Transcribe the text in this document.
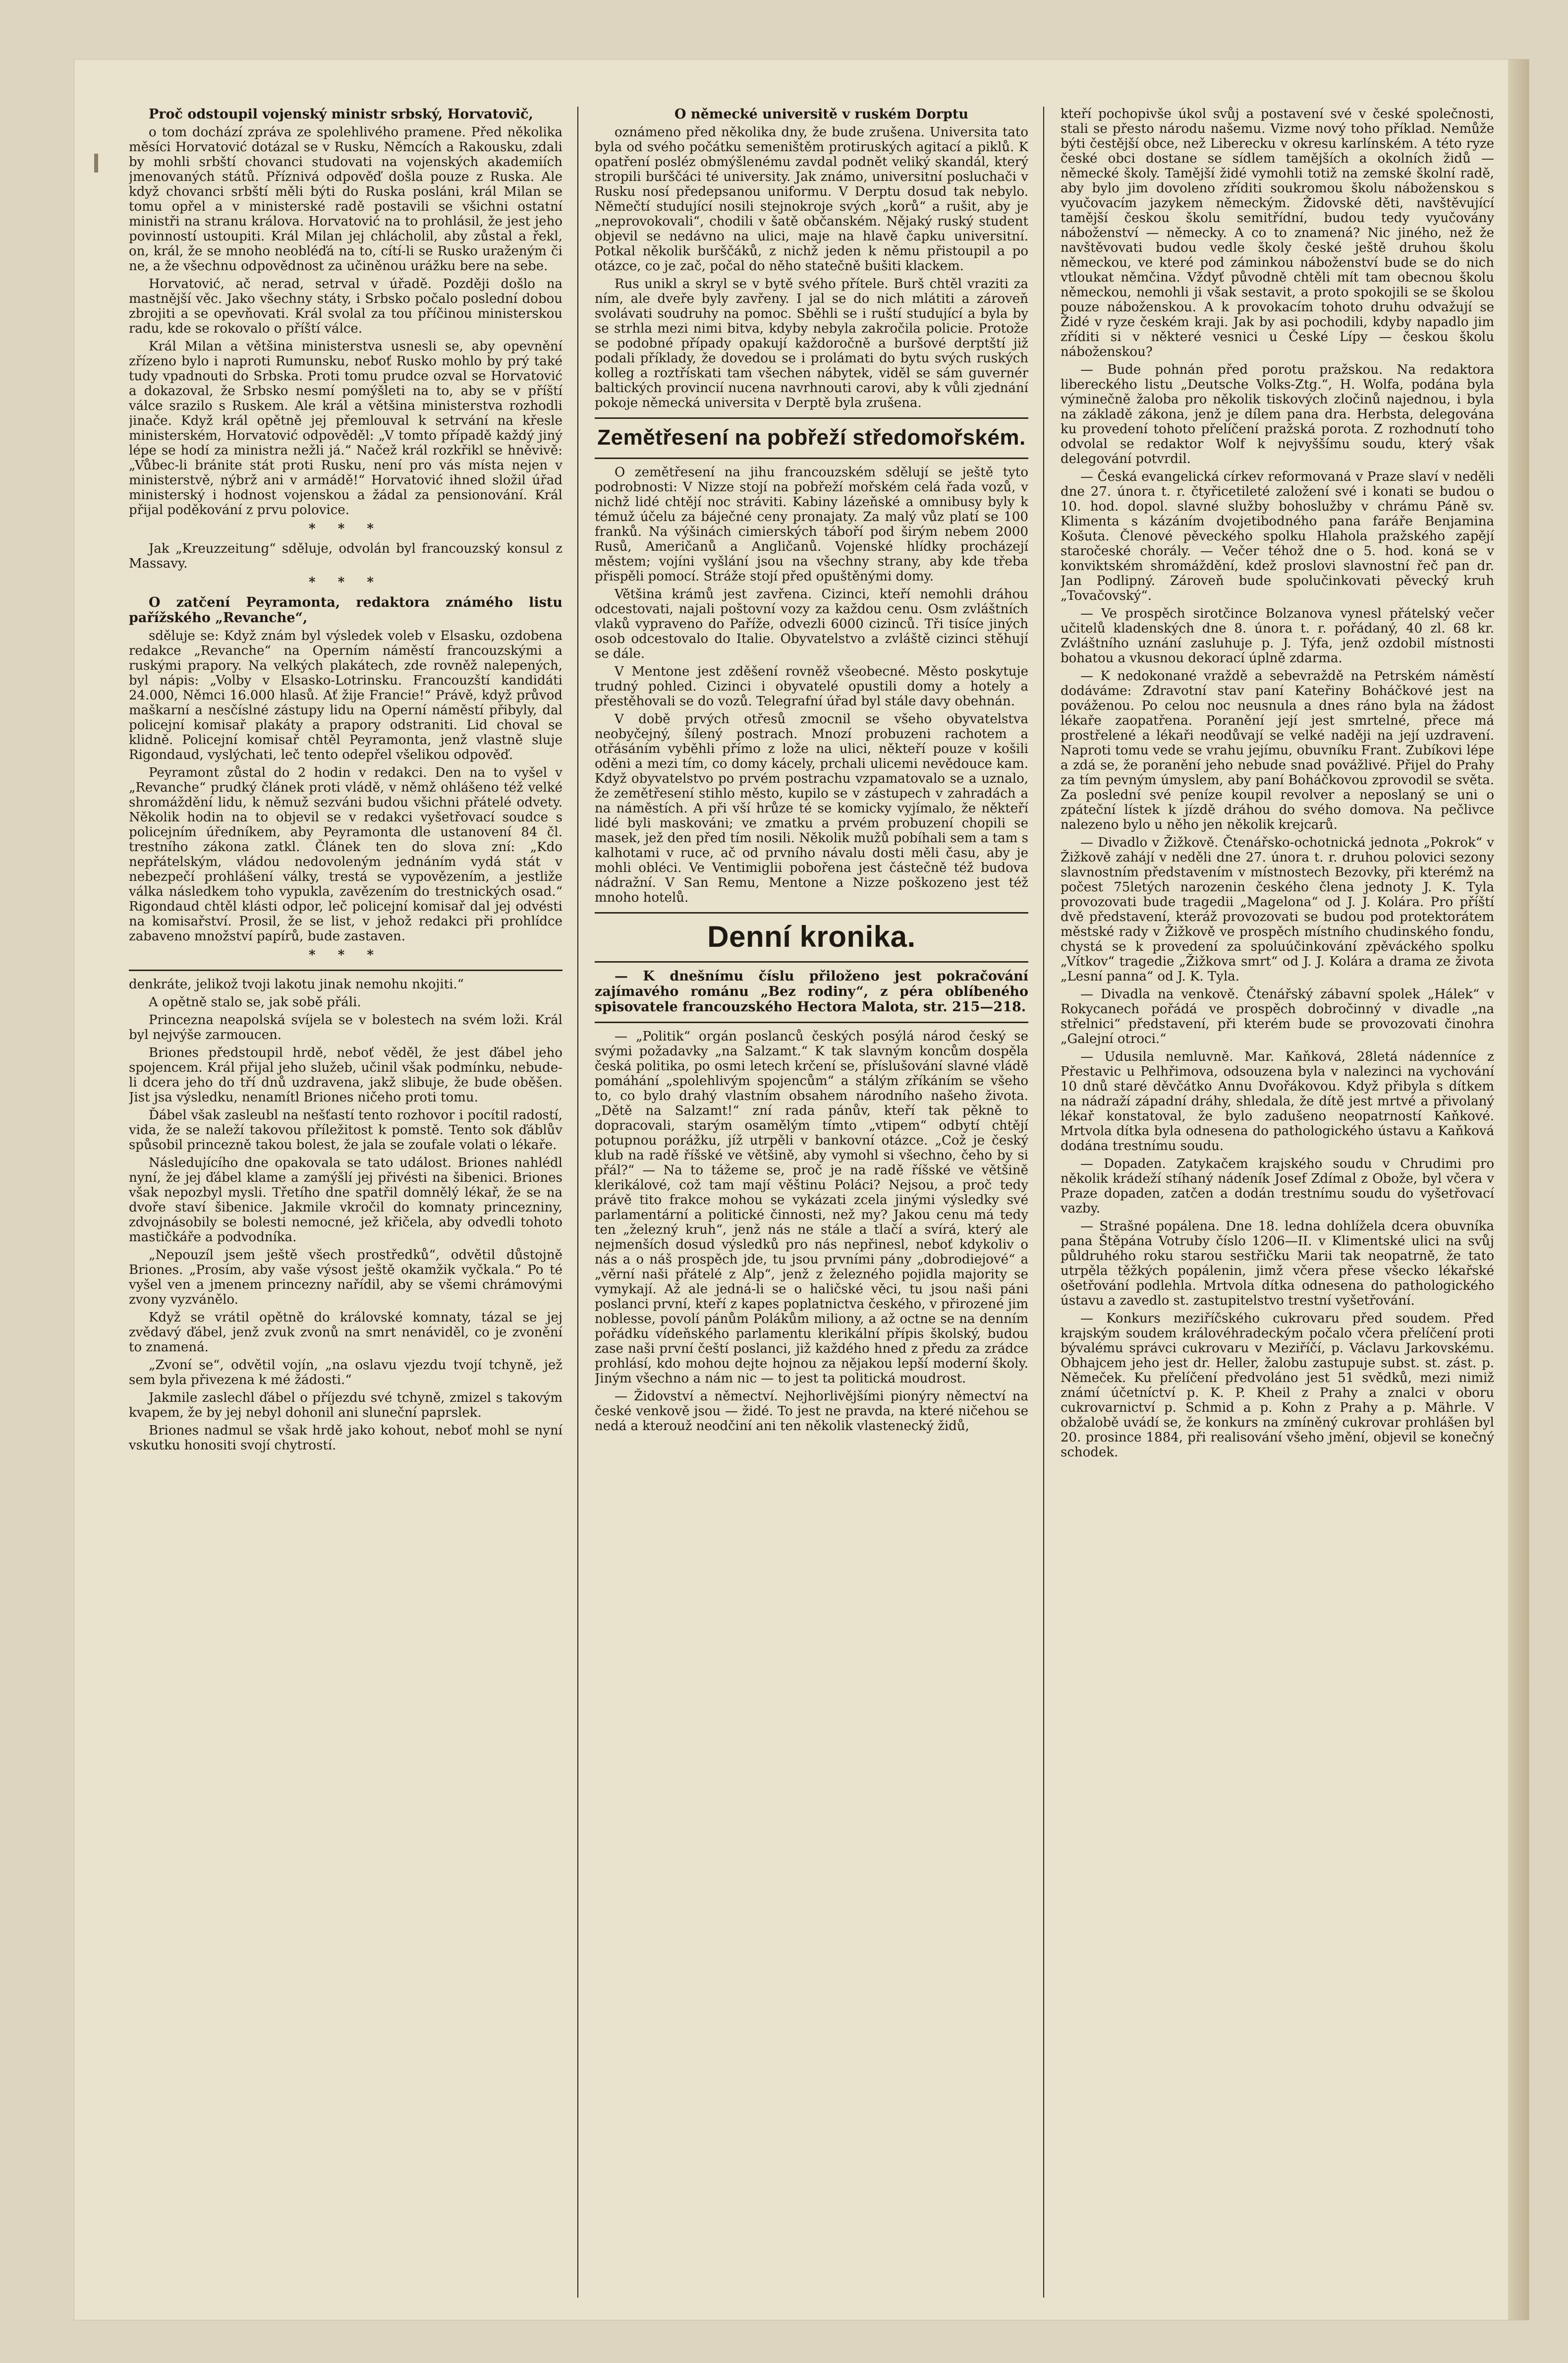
Proč odstoupil vojenský ministr srbský, Horvatovič,

o tom dochází zpráva ze spolehlivého pramene. Před několika měsíci Horvatović dotázal se v Rusku, Němcích a Rakousku, zdali by mohli srbští chovanci studovati na vojenských akademiích jmenovaných států. Příznivá odpověď došla pouze z Ruska. Ale když chovanci srbští měli býti do Ruska posláni, král Milan se tomu opřel a v ministerské radě postavili se všichni ostatní ministři na stranu králova. Horvatović na to prohlásil, že jest jeho povinností ustoupiti. Král Milan jej chlácholil, aby zůstal a řekl, on, král, že se mnoho neobléďá na to, cítí-li se Rusko uraženým či ne, a že všechnu odpovědnost za učiněnou urážku bere na sebe.

Horvatović, ač nerad, setrval v úřadě. Později došlo na mastnější věc. Jako všechny státy, i Srbsko počalo poslední dobou zbrojiti a se opevňovati. Král svolal za tou příčinou ministerskou radu, kde se rokovalo o příští válce.

Král Milan a většina ministerstva usnesli se, aby opevnění zřízeno bylo i naproti Rumunsku, neboť Rusko mohlo by prý také tudy vpadnouti do Srbska. Proti tomu prudce ozval se Horvatović a dokazoval, že Srbsko nesmí pomýšleti na to, aby se v příští válce srazilo s Ruskem. Ale král a většina ministerstva rozhodli jinače. Když král opětně jej přemlouval k setrvání na křesle ministerském, Horvatović odpověděl: „V tomto případě každý jiný lépe se hodí za ministra nežli já.“ Načež král rozkřikl se hněvivě: „Vůbec-li bránite stát proti Rusku, není pro vás místa nejen v ministerstvě, nýbrž ani v armádě!“ Horvatović ihned složil úřad ministerský i hodnost vojenskou a žádal za pensionování. Král přijal poděkování z prvu polovice.

* * *

Jak „Kreuzzeitung“ sděluje, odvolán byl francouzský konsul z Massavy.

* * *

O zatčení Peyramonta, redaktora známého listu pařížského „Revanche“,

sděluje se: Když znám byl výsledek voleb v Elsasku, ozdobena redakce „Revanche“ na Operním náměstí francouzskými a ruskými prapory. Na velkých plakátech, zde rovněž nalepených, byl nápis: „Volby v Elsasko-Lotrinsku. Francouzští kandidáti 24.000, Němci 16.000 hlasů. Ať žije Francie!“ Právě, když průvod maškarní a nesčíslné zástupy lidu na Operní náměstí přibyly, dal policejní komisař plakáty a prapory odstraniti. Lid choval se klidně. Policejní komisař chtěl Peyramonta, jenž vlastně sluje Rigondaud, vyslýchati, leč tento odepřel všelikou odpověď.

Peyramont zůstal do 2 hodin v redakci. Den na to vyšel v „Revanche“ prudký článek proti vládě, v němž ohlášeno též velké shromáždění lidu, k němuž sezváni budou všichni přátelé odvety. Několik hodin na to objevil se v redakci vyšetřovací soudce s policejním úředníkem, aby Peyramonta dle ustanovení 84 čl. trestního zákona zatkl. Článek ten do slova zní: „Kdo nepřátelským, vládou nedovoleným jednáním vydá stát v nebezpečí prohlášení války, trestá se vypovězením, a jestliže válka následkem toho vypukla, zavězením do trestnických osad.“ Rigondaud chtěl klásti odpor, leč policejní komisař dal jej odvésti na komisařství. Prosil, že se list, v jehož redakci při prohlídce zabaveno množství papírů, bude zastaven.

* * *

denkráte, jelikož tvoji lakotu jinak nemohu nkojiti.“

A opětně stalo se, jak sobě přáli.

Princezna neapolská svíjela se v bolestech na svém loži. Král byl nejvýše zarmoucen.

Briones předstoupil hrdě, neboť věděl, že jest ďábel jeho spojencem. Král přijal jeho služeb, učinil však podmínku, nebude-li dcera jeho do tří dnů uzdravena, jakž slibuje, že bude oběšen. Jist jsa výsledku, nenamítl Briones ničeho proti tomu.

Ďábel však zasleubl na nešťastí tento rozhovor i pocítil radostí, vida, že se naleží takovou příležitost k pomstě. Tento sok ďáblův spůsobil princezně takou bolest, že jala se zoufale volati o lékaře.

Následujícího dne opakovala se tato událost. Briones nahlédl nyní, že jej ďábel klame a zamýšlí jej přivésti na šibenici. Briones však nepozbyl mysli. Třetího dne spatřil domnělý lékař, že se na dvoře staví šibenice. Jakmile vkročil do komnaty princezniny, zdvojnásobily se bolesti nemocné, jež křičela, aby odvedli tohoto mastičkáře a podvodníka.

„Nepouzíl jsem ještě všech prostředků“, odvětil důstojně Briones. „Prosím, aby vaše výsost ještě okamžik vyčkala.“ Po té vyšel ven a jmenem princezny nařídil, aby se všemi chrámovými zvony vyzvánělo.

Když se vrátil opětně do královské komnaty, tázal se jej zvědavý ďábel, jenž zvuk zvonů na smrt nenáviděl, co je zvonění to znamená.

„Zvoní se“, odvětil vojín, „na oslavu vjezdu tvojí tchyně, jež sem byla přivezena k mé žádosti.“

Jakmile zaslechl ďábel o příjezdu své tchyně, zmizel s takovým kvapem, že by jej nebyl dohonil ani sluneční paprslek.

Briones nadmul se však hrdě jako kohout, neboť mohl se nyní vskutku honositi svojí chytrostí.

O německé universitě v ruském Dorptu

oznámeno před několika dny, že bude zrušena. Universita tato byla od svého počátku semeništěm protiruských agitací a piklů. K opatření posléz obmýšlenému zavdal podnět veliký skandál, který stropili burščáci té university. Jak známo, universitní posluchači v Rusku nosí předepsanou uniformu. V Derptu dosud tak nebylo. Němečtí studující nosili stejnokroje svých „korů“ a rušit, aby je „neprovokovali“, chodili v šatě občanském. Nějaký ruský student objevil se nedávno na ulici, maje na hlavě čapku universitní. Potkal několik burščáků, z nichž jeden k němu přistoupil a po otázce, co je zač, počal do něho statečně bušiti klackem.

Rus unikl a skryl se v bytě svého přítele. Burš chtěl vraziti za ním, ale dveře byly zavřeny. I jal se do nich mlátiti a zároveň svolávati soudruhy na pomoc. Sběhli se i ruští studující a byla by se strhla mezi nimi bitva, kdyby nebyla zakročila policie. Protože se podobné případy opakují každoročně a buršové derptští již podali příklady, že dovedou se i prolámati do bytu svých ruských kolleg a roztřískati tam všechen nábytek, viděl se sám guvernér baltických provincií nucena navrhnouti carovi, aby k vůli zjednání pokoje německá universita v Derptě byla zrušena.

Zemětřesení na pobřeží středomořském.

O zemětřesení na jihu francouzském sdělují se ještě tyto podrobnosti: V Nizze stojí na pobřeží mořském celá řada vozů, v nichž lidé chtějí noc stráviti. Kabiny lázeňské a omnibusy byly k témuž účelu za báječné ceny pronajaty. Za malý vůz platí se 100 franků. Na výšinách cimierských táboří pod širým nebem 2000 Rusů, Američanů a Angličanů. Vojenské hlídky procházejí městem; vojíni vyšlání jsou na všechny strany, aby kde třeba přispěli pomocí. Stráže stojí před opuštěnými domy.

Většina krámů jest zavřena. Cizinci, kteří nemohli dráhou odcestovati, najali poštovní vozy za každou cenu. Osm zvláštních vlaků vypraveno do Paříže, odvezli 6000 cizinců. Tři tisíce jiných osob odcestovalo do Italie. Obyvatelstvo a zvláště cizinci stěhují se dále.

V Mentone jest zděšení rovněž všeobecné. Město poskytuje trudný pohled. Cizinci i obyvatelé opustili domy a hotely a přestěhovali se do vozů. Telegrafní úřad byl stále davy obehnán.

V době prvých otřesů zmocnil se všeho obyvatelstva neobyčejný, šílený postrach. Mnozí probuzeni rachotem a otřásáním vyběhli přímo z lože na ulici, někteří pouze v košili oděni a mezi tím, co domy kácely, prchali ulicemi nevědouce kam. Když obyvatelstvo po prvém postrachu vzpamatovalo se a uznalo, že zemětřesení stihlo město, kupilo se v zástupech v zahradách a na náměstích. A při vší hrůze té se komicky vyjímalo, že někteří lidé byli maskováni; ve zmatku a prvém probuzení chopili se masek, jež den před tím nosili. Několik mužů pobíhali sem a tam s kalhotami v ruce, ač od prvního návalu dosti měli času, aby je mohli obléci. Ve Ventimiglii pobořena jest částečně též budova nádražní. V San Remu, Mentone a Nizze poškozeno jest též mnoho hotelů.

Denní kronika.

— K dnešnímu číslu přiloženo jest pokračování zajímavého románu „Bez rodiny“, z péra oblíbeného spisovatele francouzského Hectora Malota, str. 215—218.

— „Politik“ orgán poslanců českých posýlá národ český se svými požadavky „na Salzamt.“ K tak slavným koncům dospěla česká politika, po osmi letech krčení se, příslušování slavné vládě pomáhání „spolehlivým spojencům“ a stálým zříkáním se všeho to, co bylo drahý vlastním obsahem národního našeho života. „Dětě na Salzamt!“ zní rada pánův, kteří tak pěkně to dopracovali, starým osamělým tímto „vtipem“ odbytí chtějí potupnou porážku, jíž utrpěli v bankovní otázce. „Což je český klub na radě říšské ve většině, aby vymohl si všechno, čeho by si přál?“ — Na to tážeme se, proč je na radě říšské ve většině klerikálové, což tam mají věštinu Poláci? Nejsou, a proč tedy právě tito frakce mohou se vykázati zcela jinými výsledky své parlamentární a politické činnosti, než my? Jakou cenu má tedy ten „železný kruh“, jenž nás ne stále a tlačí a svírá, který ale nejmenších dosud výsledků pro nás nepřinesl, neboť kdykoliv o nás a o náš prospěch jde, tu jsou prvními pány „dobrodiejové“ a „věrní naši přátelé z Alp“, jenž z železného pojidla majority se vymykají. Až ale jedná-li se o haličské věci, tu jsou naši páni poslanci první, kteří z kapes poplatnictva českého, v přirozené jim noblesse, povolí pánům Polákům miliony, a až octne se na denním pořádku vídeňského parlamentu klerikální přípis školský, budou zase naši první čeští poslanci, již každého hned z předu za zrádce prohlásí, kdo mohou dejte hojnou za nějakou lepší moderní školy. Jiným všechno a nám nic — to jest ta politická moudrost.

— Židovství a němectví. Nejhorlivějšími pionýry němectví na české venkově jsou — židé. To jest ne pravda, na které ničehou se nedá a kterouž neodčiní ani ten několik vlastenecký židů,

kteří pochopivše úkol svůj a postavení své v české společnosti, stali se přesto národu našemu. Vizme nový toho příklad. Nemůže býti čestější obce, než Liberecku v okresu karlínském. A této ryze české obci dostane se sídlem tamějších a okolních židů — německé školy. Tamější židé vymohli totiž na zemské školní radě, aby bylo jim dovoleno zříditi soukromou školu náboženskou s vyučovacím jazykem německým. Židovské děti, navštěvující tamější českou školu semitřídní, budou tedy vyučovány náboženství — německy. A co to znamená? Nic jiného, než že navštěvovati budou vedle školy české ještě druhou školu německou, ve které pod záminkou náboženství bude se do nich vtloukat němčina. Vždyť původně chtěli mít tam obecnou školu německou, nemohli ji však sestavit, a proto spokojili se se školou pouze náboženskou. A k provokacím tohoto druhu odvažují se Židé v ryze českém kraji. Jak by asi pochodili, kdyby napadlo jim zříditi si v některé vesnici u České Lípy — českou školu náboženskou?

— Bude pohnán před porotu pražskou. Na redaktora libereckého listu „Deutsche Volks-Ztg.“, H. Wolfa, podána byla výminečně žaloba pro několik tiskových zločinů najednou, i byla na základě zákona, jenž je dílem pana dra. Herbsta, delegována ku provedení tohoto přelíčení pražská porota. Z rozhodnutí toho odvolal se redaktor Wolf k nejvyššímu soudu, který však delegování potvrdil.

— Česká evangelická církev reformovaná v Praze slaví v neděli dne 27. února t. r. čtyřicetileté založení své i konati se budou o 10. hod. dopol. slavné služby bohoslužby v chrámu Páně sv. Klimenta s kázáním dvojetibodného pana faráře Benjamina Košuta. Členové pěveckého spolku Hlahola pražského zapějí staročeské chorály. — Večer téhož dne o 5. hod. koná se v konviktském shromáždění, kdež proslovi slavnostní řeč pan dr. Jan Podlipný. Zároveň bude spolučinkovati pěvecký kruh „Tovačovský“.

— Ve prospěch sirotčince Bolzanova vynesl přátelský večer učitelů kladenských dne 8. února t. r. pořádaný, 40 zl. 68 kr. Zvláštního uznání zasluhuje p. J. Týfa, jenž ozdobil místnosti bohatou a vkusnou dekorací úplně zdarma.

— K nedokonané vraždě a sebevraždě na Petrském náměstí dodáváme: Zdravotní stav paní Kateřiny Boháčkové jest na pováženou. Po celou noc neusnula a dnes ráno byla na žádost lékaře zaopatřena. Poranění její jest smrtelné, přece má prostřelené a lékaři neodůvají se velké naději na její uzdravení. Naproti tomu vede se vrahu jejímu, obuvníku Frant. Zubíkovi lépe a zdá se, že poranění jeho nebude snad povážlivé. Přijel do Prahy za tím pevným úmyslem, aby paní Boháčkovou zprovodil se světa. Za poslední své peníze koupil revolver a neposlaný se uni o zpáteční lístek k jízdě dráhou do svého domova. Na pečlivce nalezeno bylo u něho jen několik krejcarů.

— Divadlo v Žižkově. Čtenářsko-ochotnická jednota „Pokrok“ v Žižkově zahájí v neděli dne 27. února t. r. druhou polovici sezony slavnostním představením v místnostech Bezovky, při kterémž na počest 75letých narozenin českého člena jednoty J. K. Tyla provozovati bude tragedii „Magelona“ od J. J. Kolára. Pro příští dvě představení, kteráž provozovati se budou pod protektorátem městské rady v Žižkově ve prospěch místního chudinského fondu, chystá se k provedení za spoluúčinkování zpěváckého spolku „Vítkov“ tragedie „Žižkova smrt“ od J. J. Kolára a drama ze života „Lesní panna“ od J. K. Tyla.

— Divadla na venkově. Čtenářský zábavní spolek „Hálek“ v Rokycanech pořádá ve prospěch dobročinný v divadle „na střelnici“ představení, při kterém bude se provozovati činohra „Galejní otroci.“

— Udusila nemluvně. Mar. Kaňková, 28letá nádenníce z Přestavic u Pelhřimova, odsouzena byla v nalezinci na vychování 10 dnů staré děvčátko Annu Dvořákovou. Když přibyla s dítkem na nádraží západní dráhy, shledala, že dítě jest mrtvé a přivolaný lékař konstatoval, že bylo zadušeno neopatrností Kaňkové. Mrtvola dítka byla odnesena do pathologického ústavu a Kaňková dodána trestnímu soudu.

— Dopaden. Zatykačem krajského soudu v Chrudimi pro několik krádeží stíhaný nádeník Josef Zdímal z Obože, byl včera v Praze dopaden, zatčen a dodán trestnímu soudu do vyšetřovací vazby.

— Strašné popálena. Dne 18. ledna dohlížela dcera obuvníka pana Štěpána Votruby číslo 1206—II. v Klimentské ulici na svůj půldruhého roku starou sestřičku Marii tak neopatrně, že tato utrpěla těžkých popálenin, jimž včera přese všecko lékařské ošetřování podlehla. Mrtvola dítka odnesena do pathologického ústavu a zavedlo st. zastupitelstvo trestní vyšetřování.

— Konkurs meziříčského cukrovaru před soudem. Před krajským soudem královéhradeckým počalo včera přelíčení proti bývalému správci cukrovaru v Meziříčí, p. Václavu Jarkovskému. Obhajcem jeho jest dr. Heller, žalobu zastupuje subst. st. zást. p. Němeček. Ku přelíčení předvoláno jest 51 svědků, mezi nimiž známí účetníctví p. K. P. Kheil z Prahy a znalci v oboru cukrovarnictví p. Schmid a p. Kohn z Prahy a p. Mährle. V obžalobě uvádí se, že konkurs na zmíněný cukrovar prohlášen byl 20. prosince 1884, při realisování všeho jmění, objevil se konečný schodek.
